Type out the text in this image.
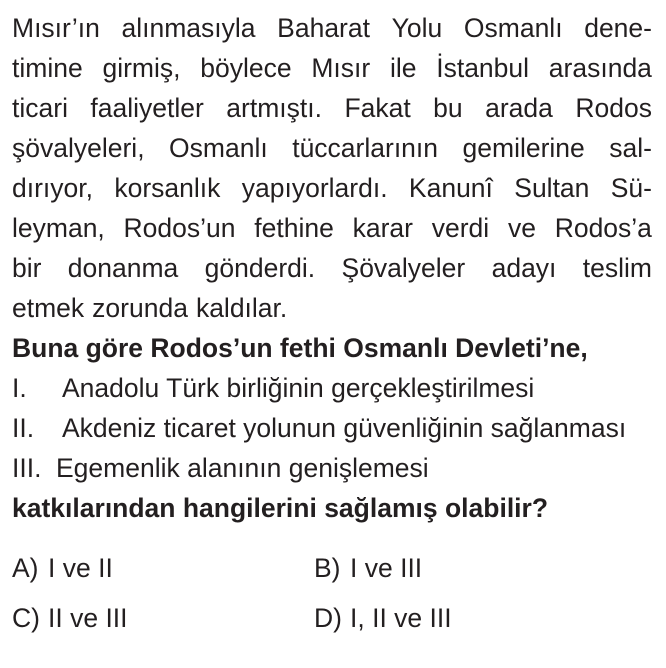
Mısır’ın alınmasıyla Baharat Yolu Osmanlı dene-
timine girmiş, böylece Mısır ile İstanbul arasında
ticari faaliyetler artmıştı. Fakat bu arada Rodos
şövalyeleri, Osmanlı tüccarlarının gemilerine sal-
dırıyor, korsanlık yapıyorlardı. Kanunî Sultan Sü-
leyman, Rodos’un fethine karar verdi ve Rodos’a
bir donanma gönderdi. Şövalyeler adayı teslim
etmek zorunda kaldılar.
Buna göre Rodos’un fethi Osmanlı Devleti’ne,
I. Anadolu Türk birliğinin gerçekleştirilmesi
II. Akdeniz ticaret yolunun güvenliğinin sağlanması
III. Egemenlik alanının genişlemesi
katkılarından hangilerini sağlamış olabilir?
A) I ve II	B) I ve III
C) II ve III	D) I, II ve III
